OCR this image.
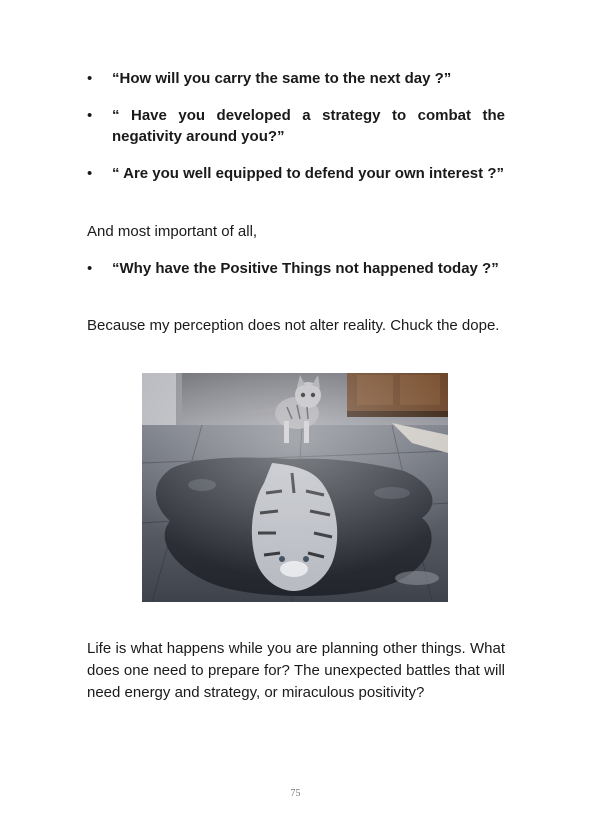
•	“How will you carry the same to the next day ?”
•	“ Have you developed a strategy to combat the negativity around you?”
•	“ Are you well equipped to defend your own interest ?”
And most important of all,
•	“Why have the Positive Things not happened today ?”
Because my perception does not alter reality. Chuck the dope.
Life is what happens while you are planning other things. What does one need to prepare for? The unexpected battles that will need energy and strategy, or miraculous positivity?
75
